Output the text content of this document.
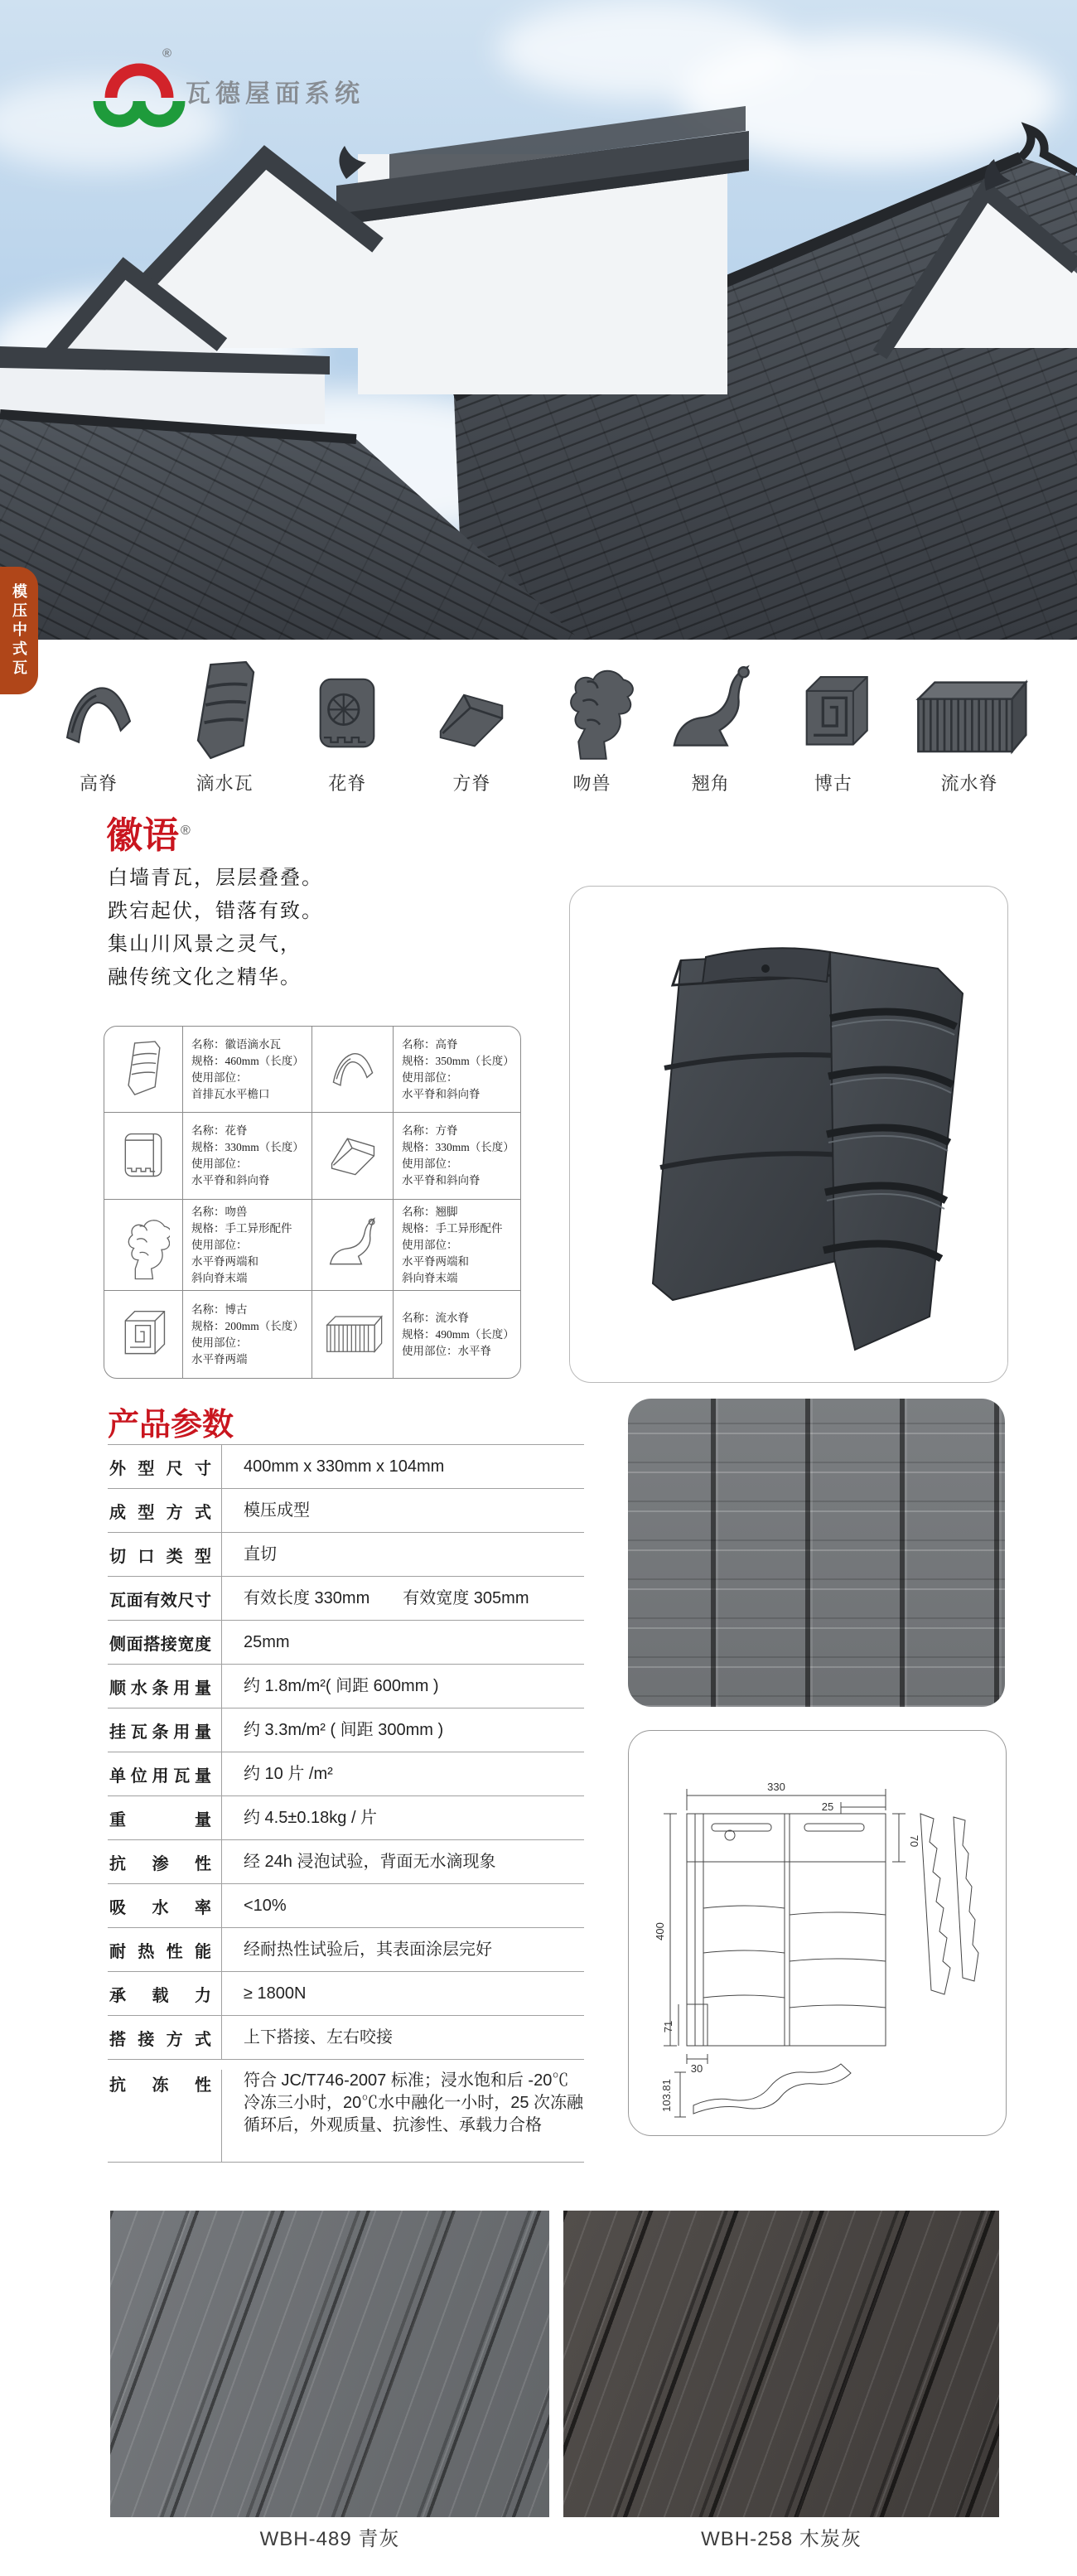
®
瓦德屋面系统
模压中式瓦
高脊	滴水瓦	花脊	方脊	吻兽	翘角	博古	流水脊
徽语 ®
白墙青瓦，层层叠叠。
跌宕起伏，错落有致。
集山川风景之灵气，
融传统文化之精华。
名称：徽语滴水瓦
规格：460mm（长度）
使用部位：
首排瓦水平檐口
名称：高脊
规格：350mm（长度）
使用部位：
水平脊和斜向脊
名称：花脊
规格：330mm（长度）
使用部位：
水平脊和斜向脊
名称：方脊
规格：330mm（长度）
使用部位：
水平脊和斜向脊
名称：吻兽
规格：手工异形配件
使用部位：
水平脊两端和
斜向脊末端
名称：翘脚
规格：手工异形配件
使用部位：
水平脊两端和
斜向脊末端
名称：博古
规格：200mm（长度）
使用部位：
水平脊两端
名称：流水脊
规格：490mm（长度）
使用部位：水平脊
产品参数
外型尺寸	400mm x 330mm x 104mm
成型方式	模压成型
切口类型	直切
瓦面有效尺寸	有效长度 330mm　　有效宽度 305mm
侧面搭接宽度	25mm
顺水条用量	约 1.8m/m²( 间距 600mm )
挂瓦条用量	约 3.3m/m² ( 间距 300mm )
单位用瓦量	约 10 片 /m²
重量	约 4.5±0.18kg / 片
抗渗性	经 24h 浸泡试验，背面无水滴现象
吸水率	<10%
耐热性能	经耐热性试验后，其表面涂层完好
承载力	≥ 1800N
搭接方式	上下搭接、左右咬接
抗冻性	符合 JC/T746-2007 标准；浸水饱和后 -20℃冷冻三小时，20℃水中融化一小时，25 次冻融循环后，外观质量、抗渗性、承载力合格
330
25
70
400
71
30
103.81
WBH-489 青灰	WBH-258 木炭灰
